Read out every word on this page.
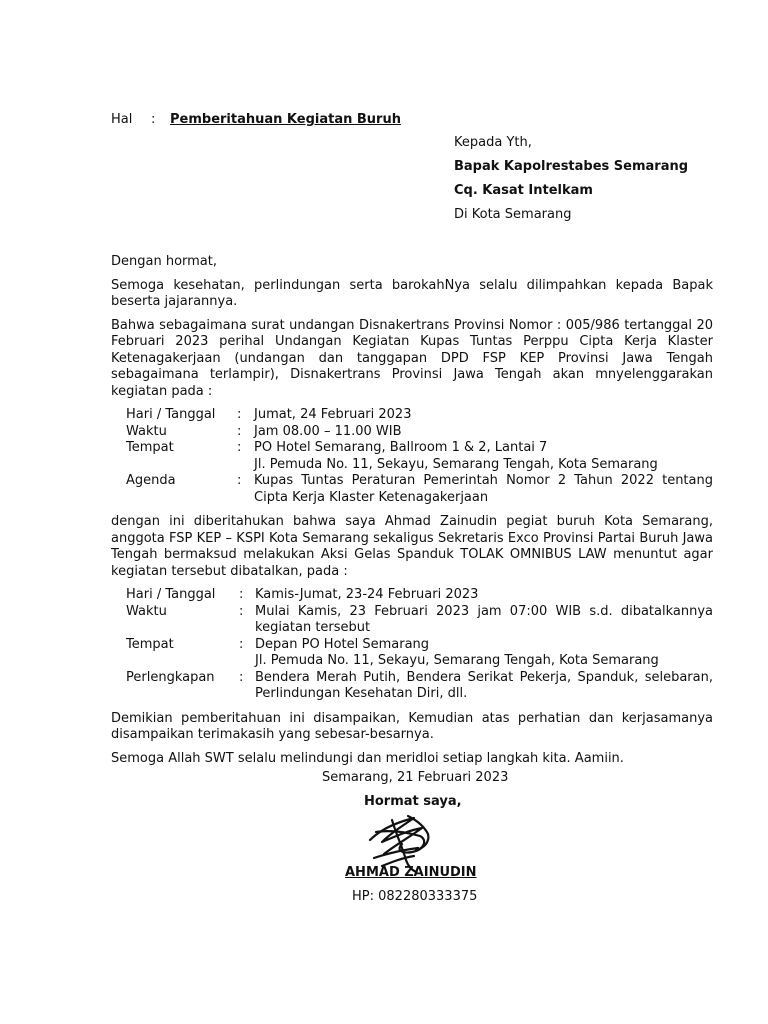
Hal : Pemberitahuan Kegiatan Buruh
Kepada Yth,
Bapak Kapolrestabes Semarang
Cq. Kasat Intelkam
Di Kota Semarang

Dengan hormat,

Semoga kesehatan, perlindungan serta barokahNya selalu dilimpahkan kepada Bapak beserta jajarannya.

Bahwa sebagaimana surat undangan Disnakertrans Provinsi Nomor : 005/986 tertanggal 20 Februari 2023 perihal Undangan Kegiatan Kupas Tuntas Perppu Cipta Kerja Klaster Ketenagakerjaan (undangan dan tanggapan DPD FSP KEP Provinsi Jawa Tengah sebagaimana terlampir), Disnakertrans Provinsi Jawa Tengah akan mnyelenggarakan kegiatan pada :

Hari / Tanggal	: Jumat, 24 Februari 2023
Waktu	: Jam 08.00 – 11.00 WIB
Tempat	: PO Hotel Semarang, Ballroom 1 & 2, Lantai 7
Jl. Pemuda No. 11, Sekayu, Semarang Tengah, Kota Semarang
Agenda	: Kupas Tuntas Peraturan Pemerintah Nomor 2 Tahun 2022 tentang Cipta Kerja Klaster Ketenagakerjaan

dengan ini diberitahukan bahwa saya Ahmad Zainudin pegiat buruh Kota Semarang, anggota FSP KEP – KSPI Kota Semarang sekaligus Sekretaris Exco Provinsi Partai Buruh Jawa Tengah bermaksud melakukan Aksi Gelas Spanduk TOLAK OMNIBUS LAW menuntut agar kegiatan tersebut dibatalkan, pada :

Hari / Tanggal	: Kamis-Jumat, 23-24 Februari 2023
Waktu	: Mulai Kamis, 23 Februari 2023 jam 07:00 WIB s.d. dibatalkannya kegiatan tersebut
Tempat	: Depan PO Hotel Semarang
Jl. Pemuda No. 11, Sekayu, Semarang Tengah, Kota Semarang
Perlengkapan	: Bendera Merah Putih, Bendera Serikat Pekerja, Spanduk, selebaran, Perlindungan Kesehatan Diri, dll.

Demikian pemberitahuan ini disampaikan, Kemudian atas perhatian dan kerjasamanya disampaikan terimakasih yang sebesar-besarnya.

Semoga Allah SWT selalu melindungi dan meridloi setiap langkah kita. Aamiin.

Semarang, 21 Februari 2023
Hormat saya,
AHMAD ZAINUDIN
HP: 082280333375
